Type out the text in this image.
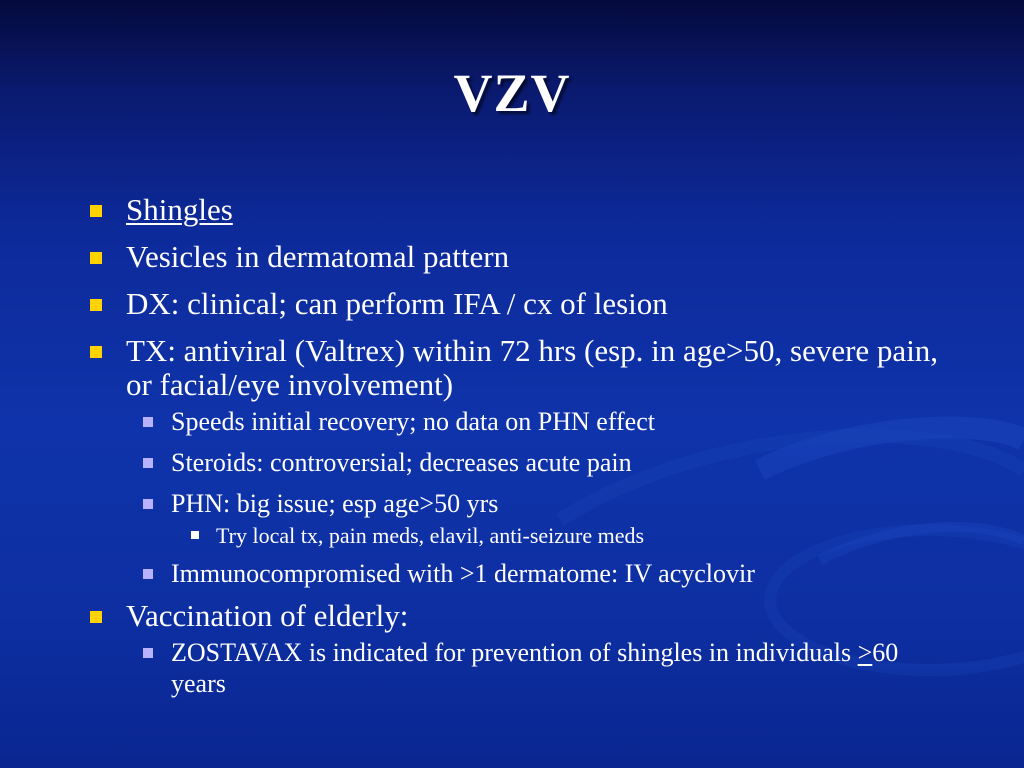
VZV
Shingles
Vesicles in dermatomal pattern
DX: clinical; can perform IFA / cx of lesion
TX: antiviral (Valtrex) within 72 hrs (esp. in age>50, severe pain, or facial/eye involvement)
Speeds initial recovery; no data on PHN effect
Steroids: controversial; decreases acute pain
PHN: big issue; esp age>50 yrs
Try local tx, pain meds, elavil, anti-seizure meds
Immunocompromised with >1 dermatome: IV acyclovir
Vaccination of elderly:
ZOSTAVAX is indicated for prevention of shingles in individuals >60 years
